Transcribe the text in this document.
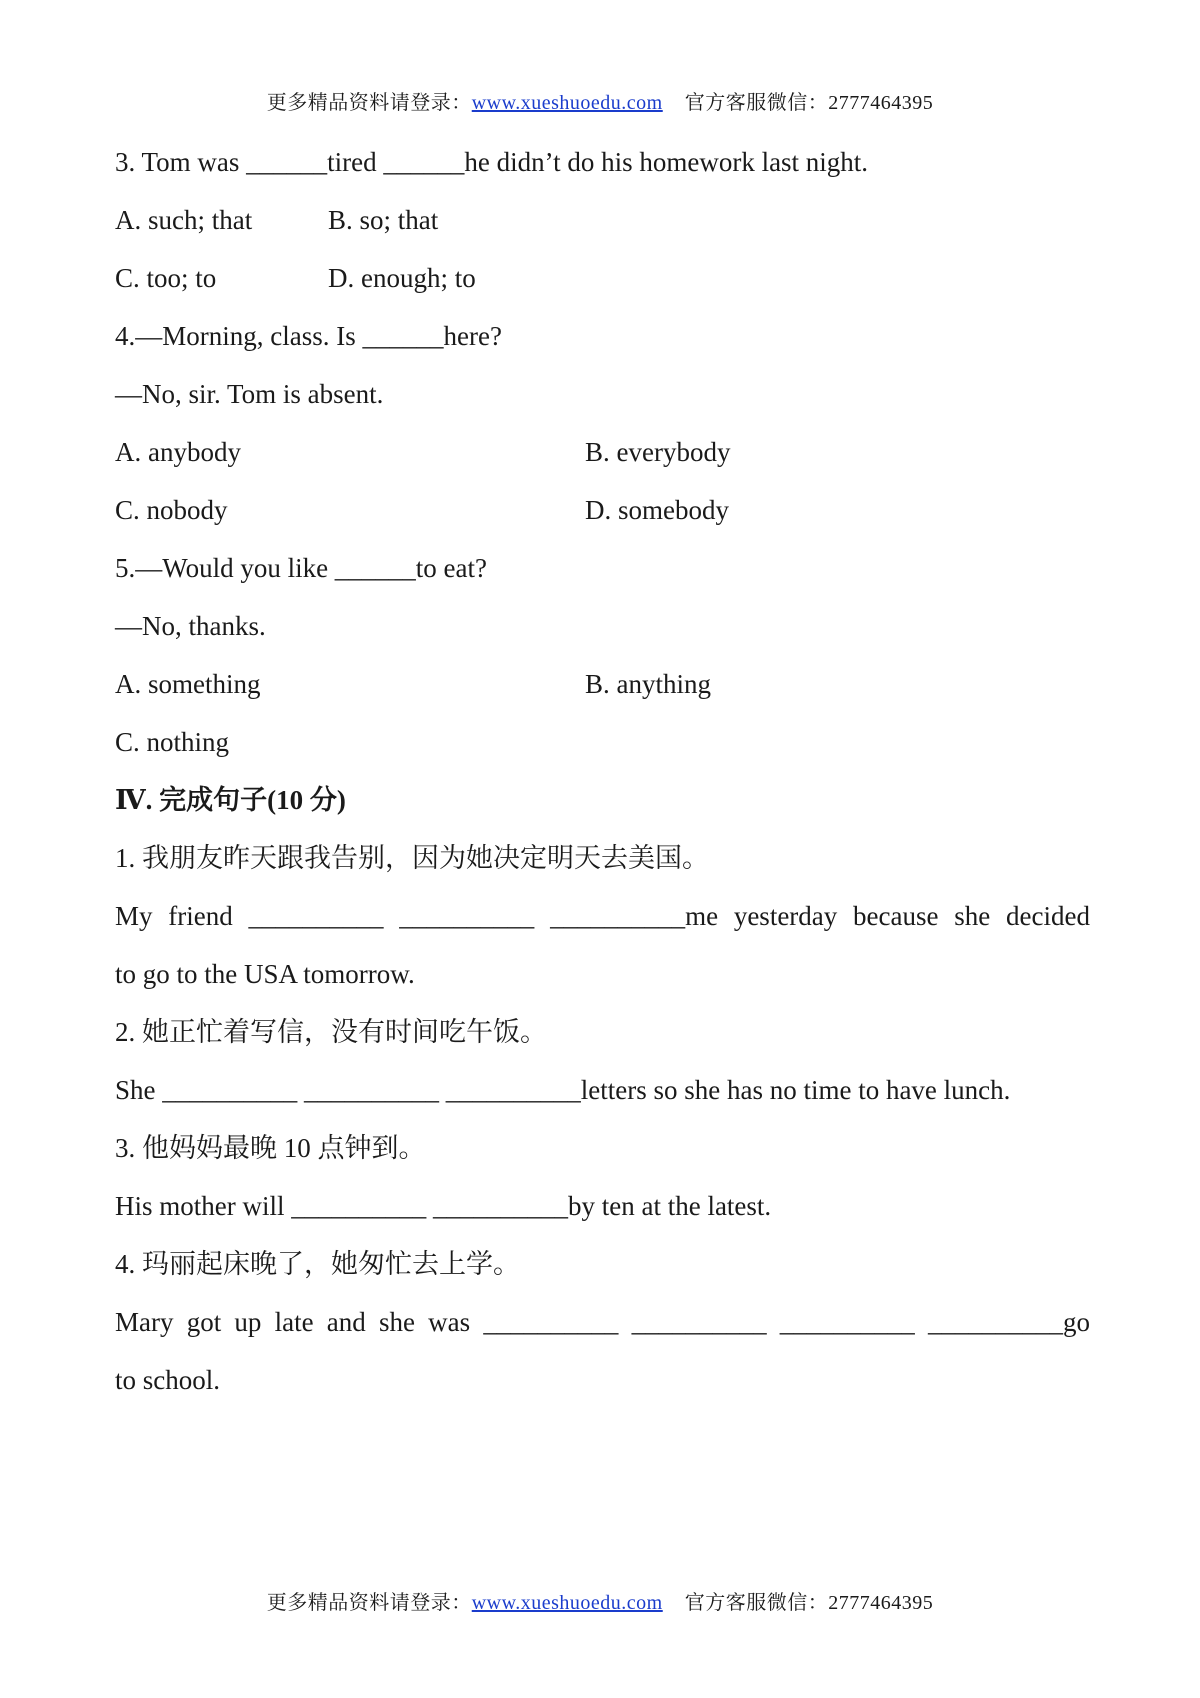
更多精品资料请登录：www.xueshuoedu.com 官方客服微信：2777464395
3. Tom was ______tired ______he didn’t do his homework last night.
A. such; that	B. so; that
C. too; to	D. enough; to
4.—Morning, class. Is ______here?
—No, sir. Tom is absent.
A. anybody	B. everybody
C. nobody	D. somebody
5.—Would you like ______to eat?
—No, thanks.
A. something	B. anything
C. nothing
Ⅳ. 完成句子(10 分)
1. 我朋友昨天跟我告别，因为她决定明天去美国。
My friend __________ __________ __________me yesterday because she decided
to go to the USA tomorrow.
2. 她正忙着写信，没有时间吃午饭。
She __________ __________ __________letters so she has no time to have lunch.
3. 他妈妈最晚 10 点钟到。
His mother will __________ __________by ten at the latest.
4. 玛丽起床晚了，她匆忙去上学。
Mary got up late and she was __________ __________ __________ __________go
to school.
更多精品资料请登录：www.xueshuoedu.com 官方客服微信：2777464395
